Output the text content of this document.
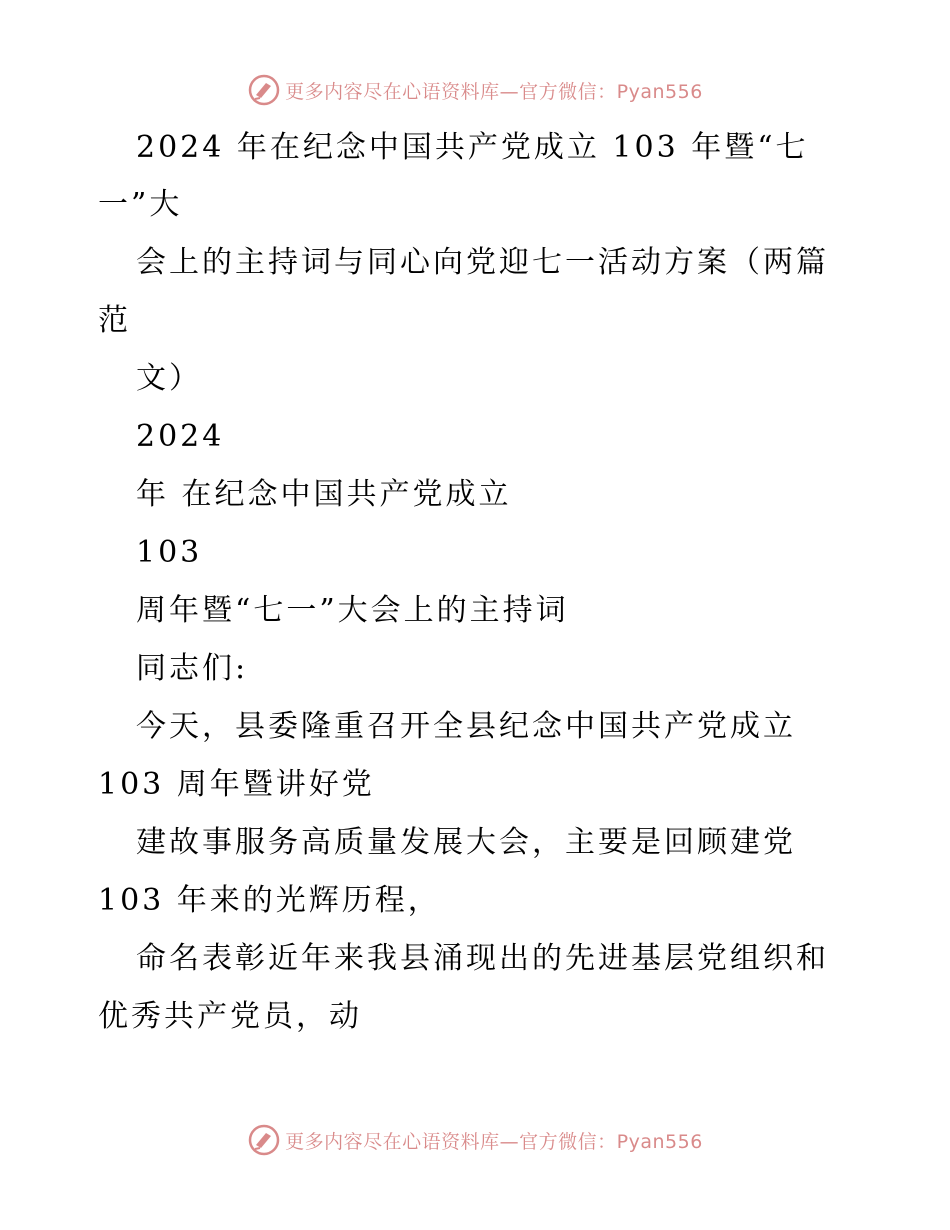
更多内容尽在心语资料库—官方微信：Pyan556
2024 年在纪念中国共产党成立 103 年暨“七
一”大
会上的主持词与同心向党迎七一活动方案（两篇
范
文）
2024
年 在纪念中国共产党成立
103
周年暨“七一”大会上的主持词
同志们:
今天，县委隆重召开全县纪念中国共产党成立
103 周年暨讲好党
建故事服务高质量发展大会，主要是回顾建党
103 年来的光辉历程，
命名表彰近年来我县涌现出的先进基层党组织和
优秀共产党员，动
更多内容尽在心语资料库—官方微信：Pyan556
